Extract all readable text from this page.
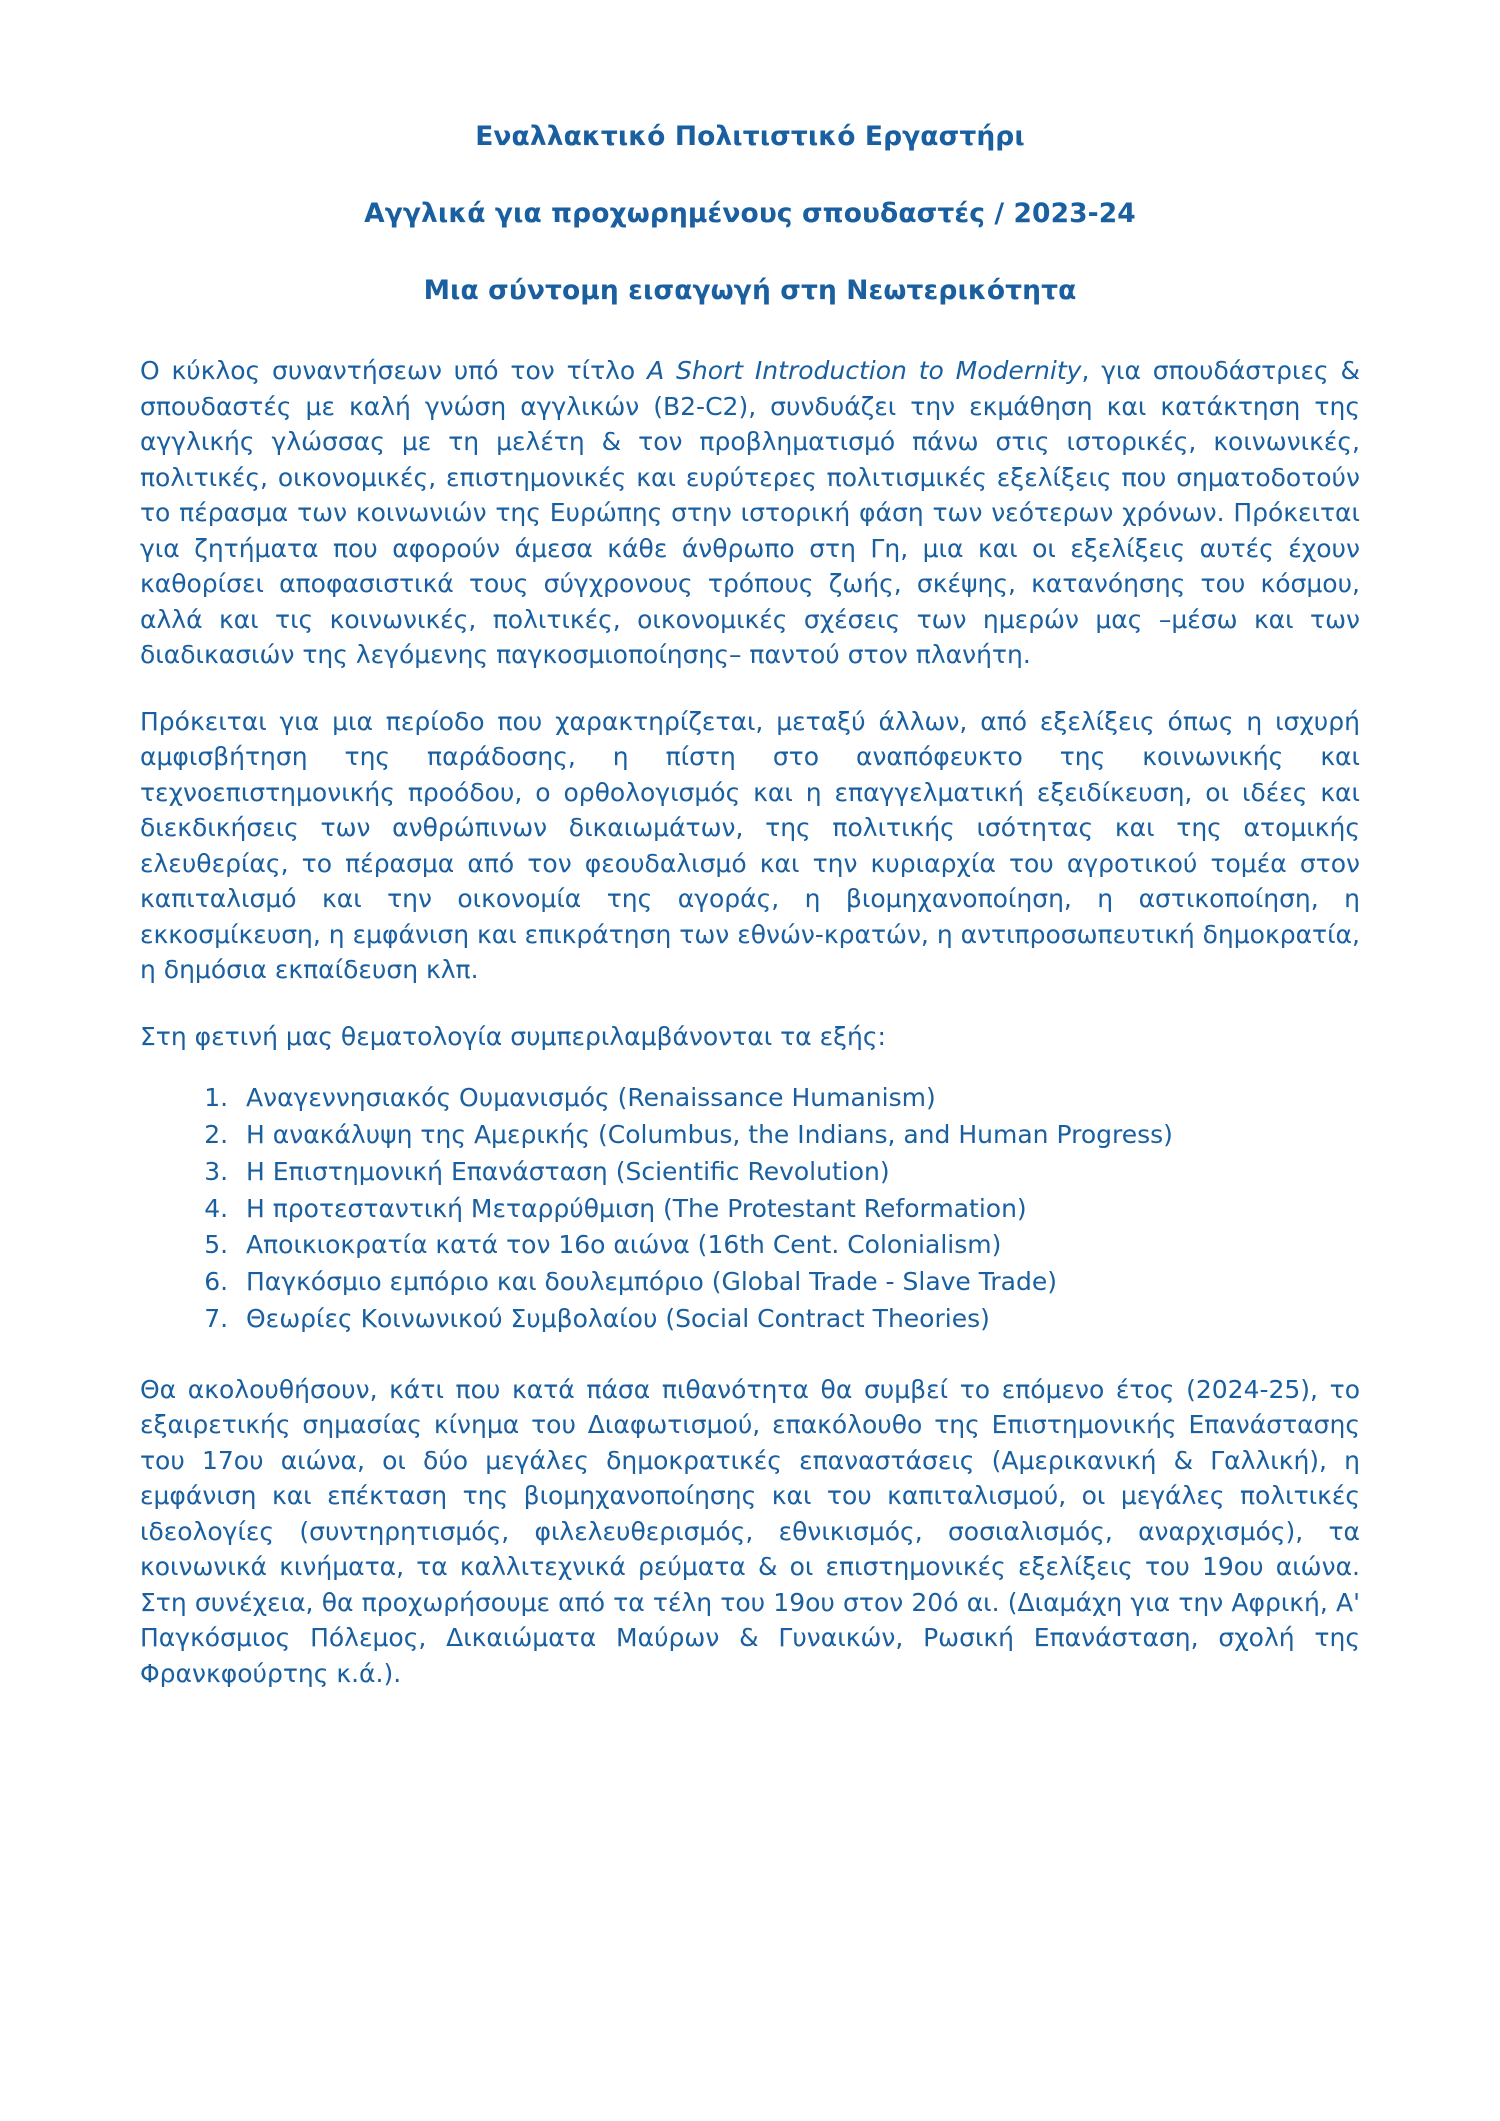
Εναλλακτικό Πολιτιστικό Εργαστήρι
Αγγλικά για προχωρημένους σπουδαστές / 2023-24
Μια σύντομη εισαγωγή στη Νεωτερικότητα

Ο κύκλος συναντήσεων υπό τον τίτλο A Short Introduction to Modernity, για σπουδάστριες & σπουδαστές με καλή γνώση αγγλικών (B2-C2), συνδυάζει την εκμάθηση και κατάκτηση της αγγλικής γλώσσας με τη μελέτη & τον προβληματισμό πάνω στις ιστορικές, κοινωνικές, πολιτικές, οικονομικές, επιστημονικές και ευρύτερες πολιτισμικές εξελίξεις που σηματοδοτούν το πέρασμα των κοινωνιών της Ευρώπης στην ιστορική φάση των νεότερων χρόνων. Πρόκειται για ζητήματα που αφορούν άμεσα κάθε άνθρωπο στη Γη, μια και οι εξελίξεις αυτές έχουν καθορίσει αποφασιστικά τους σύγχρονους τρόπους ζωής, σκέψης, κατανόησης του κόσμου, αλλά και τις κοινωνικές, πολιτικές, οικονομικές σχέσεις των ημερών μας –μέσω και των διαδικασιών της λεγόμενης παγκοσμιοποίησης– παντού στον πλανήτη.

Πρόκειται για μια περίοδο που χαρακτηρίζεται, μεταξύ άλλων, από εξελίξεις όπως η ισχυρή αμφισβήτηση της παράδοσης, η πίστη στο αναπόφευκτο της κοινωνικής και τεχνοεπιστημονικής προόδου, ο ορθολογισμός και η επαγγελματική εξειδίκευση, οι ιδέες και διεκδικήσεις των ανθρώπινων δικαιωμάτων, της πολιτικής ισότητας και της ατομικής ελευθερίας, το πέρασμα από τον φεουδαλισμό και την κυριαρχία του αγροτικού τομέα στον καπιταλισμό και την οικονομία της αγοράς, η βιομηχανοποίηση, η αστικοποίηση, η εκκοσμίκευση, η εμφάνιση και επικράτηση των εθνών-κρατών, η αντιπροσωπευτική δημοκρατία, η δημόσια εκπαίδευση κλπ.

Στη φετινή μας θεματολογία συμπεριλαμβάνονται τα εξής:

1. Αναγεννησιακός Ουμανισμός (Renaissance Humanism)
2. Η ανακάλυψη της Αμερικής (Columbus, the Indians, and Human Progress)
3. Η Επιστημονική Επανάσταση (Scientific Revolution)
4. Η προτεσταντική Μεταρρύθμιση (The Protestant Reformation)
5. Αποικιοκρατία κατά τον 16ο αιώνα (16th Cent. Colonialism)
6. Παγκόσμιο εμπόριο και δουλεμπόριο (Global Trade - Slave Trade)
7. Θεωρίες Κοινωνικού Συμβολαίου (Social Contract Theories)

Θα ακολουθήσουν, κάτι που κατά πάσα πιθανότητα θα συμβεί το επόμενο έτος (2024-25), το εξαιρετικής σημασίας κίνημα του Διαφωτισμού, επακόλουθο της Επιστημονικής Επανάστασης του 17ου αιώνα, οι δύο μεγάλες δημοκρατικές επαναστάσεις (Αμερικανική & Γαλλική), η εμφάνιση και επέκταση της βιομηχανοποίησης και του καπιταλισμού, οι μεγάλες πολιτικές ιδεολογίες (συντηρητισμός, φιλελευθερισμός, εθνικισμός, σοσιαλισμός, αναρχισμός), τα κοινωνικά κινήματα, τα καλλιτεχνικά ρεύματα & οι επιστημονικές εξελίξεις του 19ου αιώνα. Στη συνέχεια, θα προχωρήσουμε από τα τέλη του 19ου στον 20ό αι. (Διαμάχη για την Αφρική, Α' Παγκόσμιος Πόλεμος, Δικαιώματα Μαύρων & Γυναικών, Ρωσική Επανάσταση, σχολή της Φρανκφούρτης κ.ά.).
